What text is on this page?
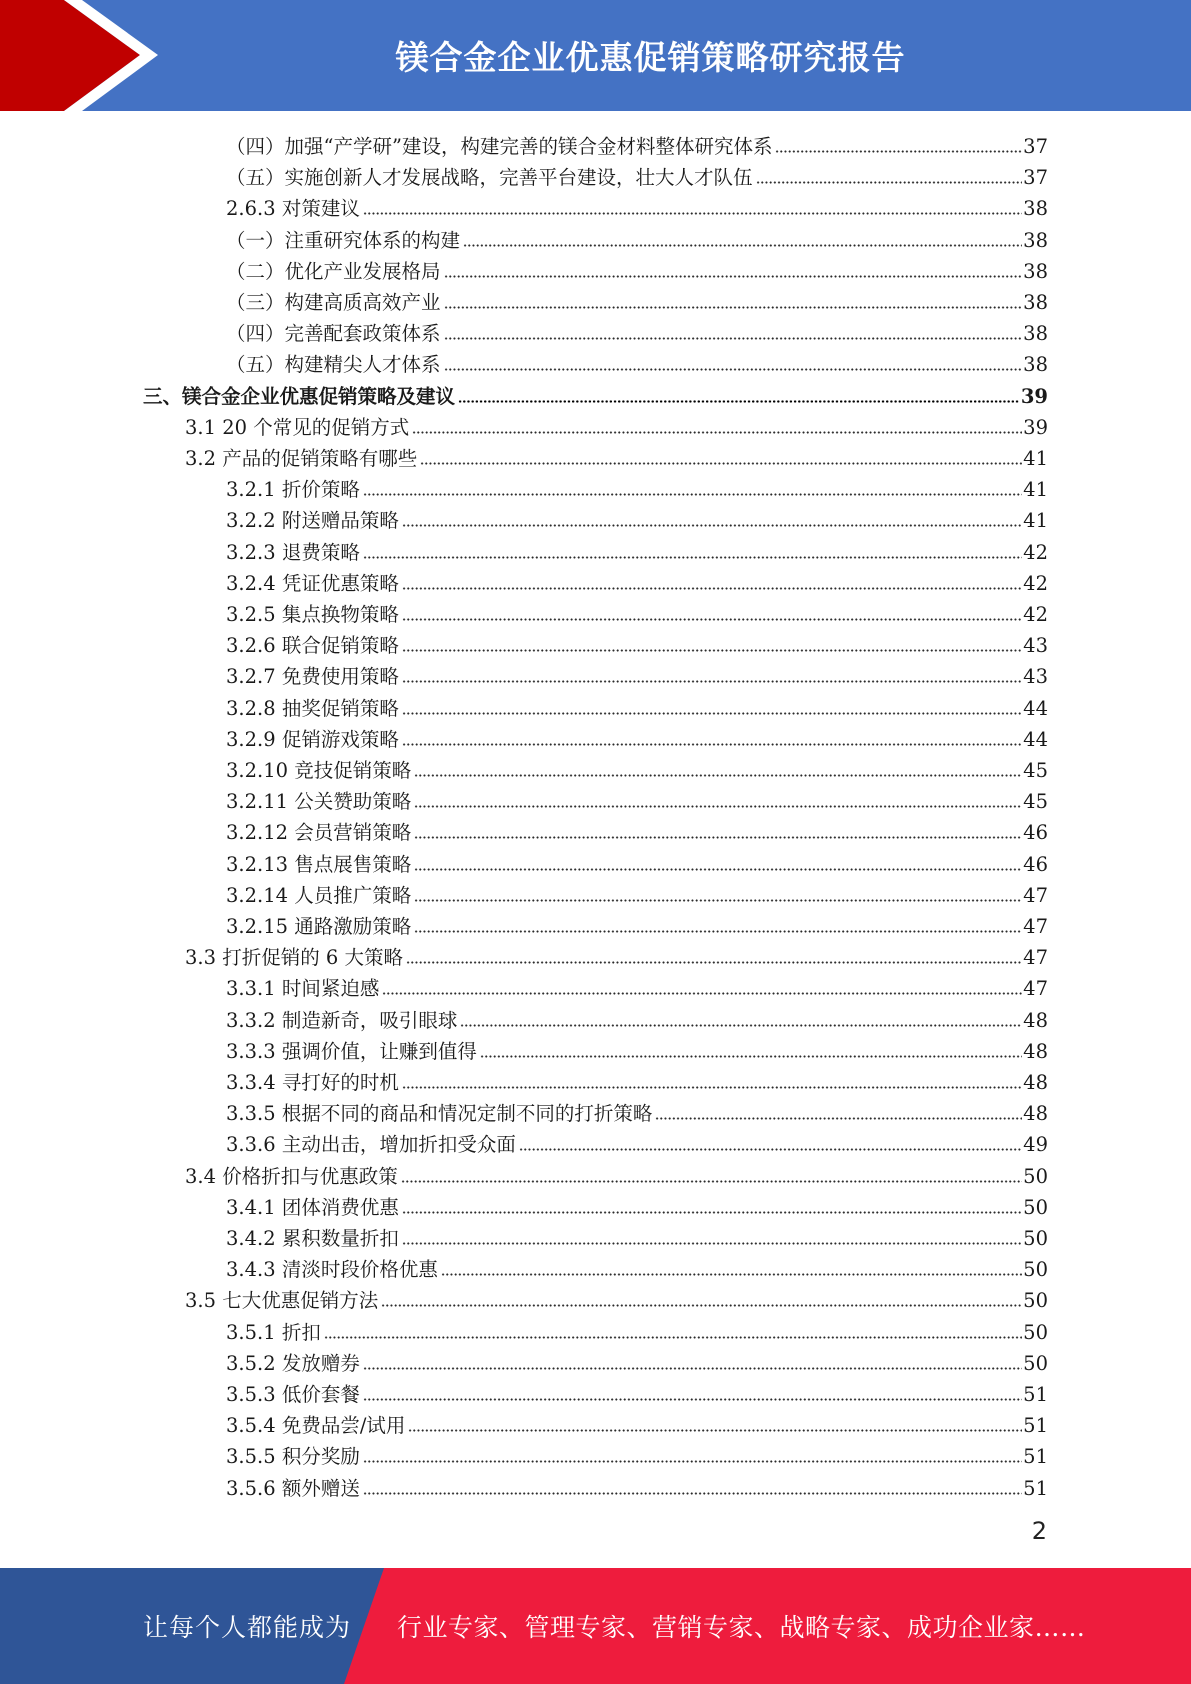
镁合金企业优惠促销策略研究报告
（四）加强“产学研”建设，构建完善的镁合金材料整体研究体系	37
（五）实施创新人才发展战略，完善平台建设，壮大人才队伍	37
2.6.3 对策建议	38
（一）注重研究体系的构建	38
（二）优化产业发展格局	38
（三）构建高质高效产业	38
（四）完善配套政策体系	38
（五）构建精尖人才体系	38
三、镁合金企业优惠促销策略及建议	39
3.1 20 个常见的促销方式	39
3.2 产品的促销策略有哪些	41
3.2.1 折价策略	41
3.2.2 附送赠品策略	41
3.2.3 退费策略	42
3.2.4 凭证优惠策略	42
3.2.5 集点换物策略	42
3.2.6 联合促销策略	43
3.2.7 免费使用策略	43
3.2.8 抽奖促销策略	44
3.2.9 促销游戏策略	44
3.2.10 竞技促销策略	45
3.2.11 公关赞助策略	45
3.2.12 会员营销策略	46
3.2.13 售点展售策略	46
3.2.14 人员推广策略	47
3.2.15 通路激励策略	47
3.3 打折促销的 6 大策略	47
3.3.1 时间紧迫感	47
3.3.2 制造新奇，吸引眼球	48
3.3.3 强调价值，让赚到值得	48
3.3.4 寻打好的时机	48
3.3.5 根据不同的商品和情况定制不同的打折策略	48
3.3.6 主动出击，增加折扣受众面	49
3.4 价格折扣与优惠政策	50
3.4.1 团体消费优惠	50
3.4.2 累积数量折扣	50
3.4.3 清淡时段价格优惠	50
3.5 七大优惠促销方法	50
3.5.1 折扣	50
3.5.2 发放赠券	50
3.5.3 低价套餐	51
3.5.4 免费品尝/试用	51
3.5.5 积分奖励	51
3.5.6 额外赠送	51
2
让每个人都能成为 行业专家、管理专家、营销专家、战略专家、成功企业家……
